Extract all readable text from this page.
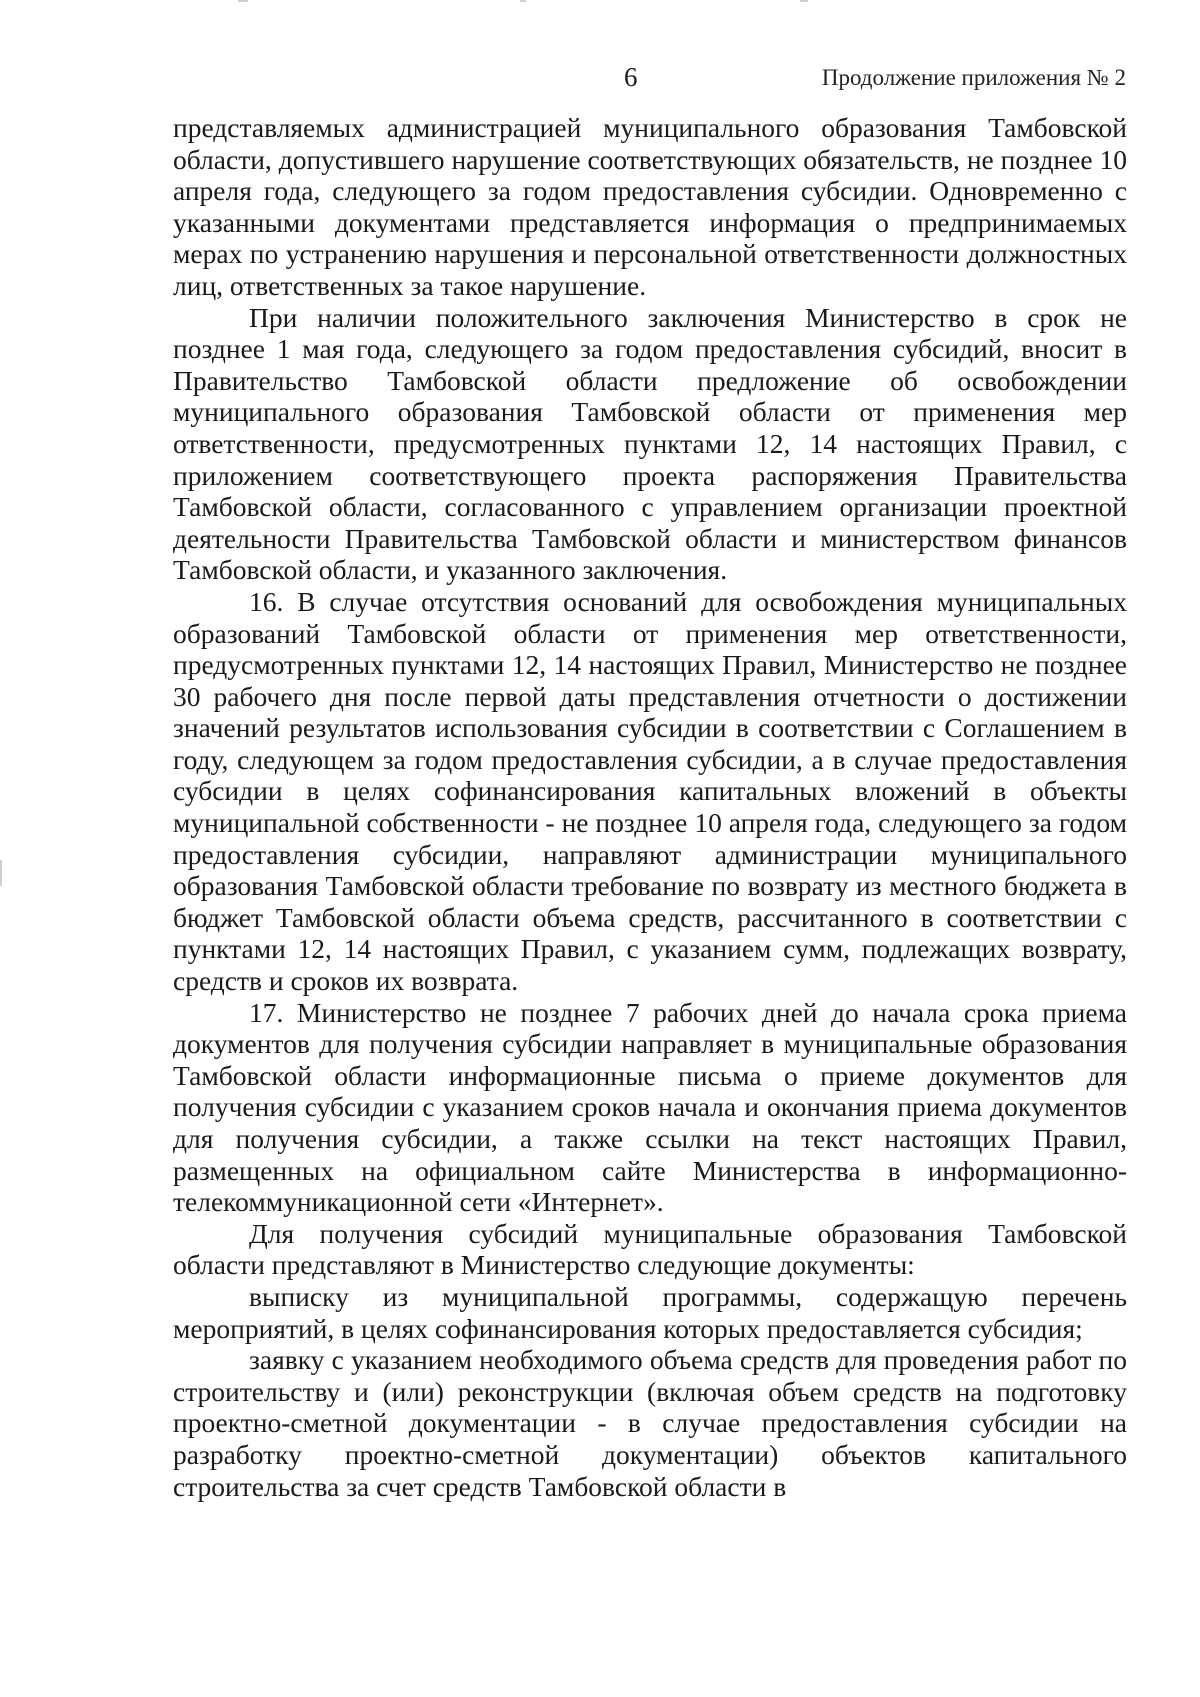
6	Продолжение приложения № 2

представляемых администрацией муниципального образования Тамбовской области, допустившего нарушение соответствующих обязательств, не позднее 10 апреля года, следующего за годом предоставления субсидии. Одновременно с указанными документами представляется информация о предпринимаемых мерах по устранению нарушения и персональной ответственности должностных лиц, ответственных за такое нарушение.

При наличии положительного заключения Министерство в срок не позднее 1 мая года, следующего за годом предоставления субсидий, вносит в Правительство Тамбовской области предложение об освобождении муниципального образования Тамбовской области от применения мер ответственности, предусмотренных пунктами 12, 14 настоящих Правил, с приложением соответствующего проекта распоряжения Правительства Тамбовской области, согласованного с управлением организации проектной деятельности Правительства Тамбовской области и министерством финансов Тамбовской области, и указанного заключения.

16. В случае отсутствия оснований для освобождения муниципальных образований Тамбовской области от применения мер ответственности, предусмотренных пунктами 12, 14 настоящих Правил, Министерство не позднее 30 рабочего дня после первой даты представления отчетности о достижении значений результатов использования субсидии в соответствии с Соглашением в году, следующем за годом предоставления субсидии, а в случае предоставления субсидии в целях софинансирования капитальных вложений в объекты муниципальной собственности - не позднее 10 апреля года, следующего за годом предоставления субсидии, направляют администрации муниципального образования Тамбовской области требование по возврату из местного бюджета в бюджет Тамбовской области объема средств, рассчитанного в соответствии с пунктами 12, 14 настоящих Правил, с указанием сумм, подлежащих возврату, средств и сроков их возврата.

17. Министерство не позднее 7 рабочих дней до начала срока приема документов для получения субсидии направляет в муниципальные образования Тамбовской области информационные письма о приеме документов для получения субсидии с указанием сроков начала и окончания приема документов для получения субсидии, а также ссылки на текст настоящих Правил, размещенных на официальном сайте Министерства в информационно-телекоммуникационной сети «Интернет».

Для получения субсидий муниципальные образования Тамбовской области представляют в Министерство следующие документы:

выписку из муниципальной программы, содержащую перечень мероприятий, в целях софинансирования которых предоставляется субсидия;

заявку с указанием необходимого объема средств для проведения работ по строительству и (или) реконструкции (включая объем средств на подготовку проектно-сметной документации - в случае предоставления субсидии на разработку проектно-сметной документации) объектов капитального строительства за счет средств Тамбовской области в
